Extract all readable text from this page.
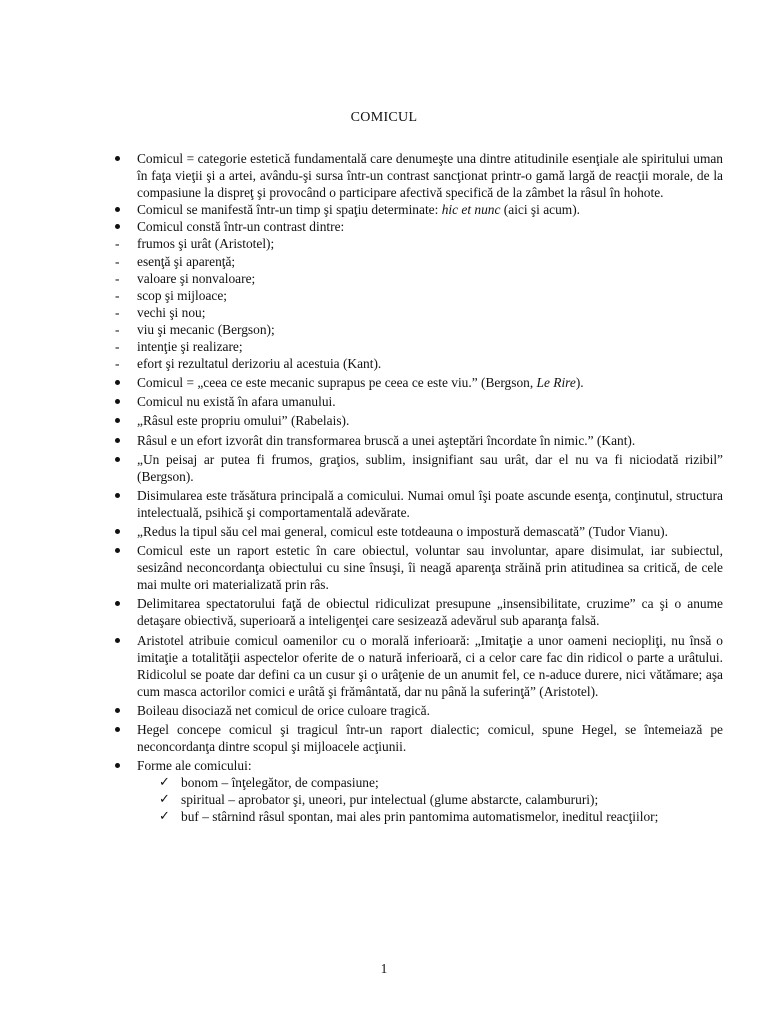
COMICUL
Comicul = categorie estetică fundamentală care denumeşte una dintre atitudinile esenţiale ale spiritului uman în faţa vieţii şi a artei, avându-şi sursa într-un contrast sancţionat printr-o gamă largă de reacţii morale, de la compasiune la dispreţ şi provocând o participare afectivă specifică de la zâmbet la râsul în hohote.
Comicul se manifestă într-un timp şi spaţiu determinate: hic et nunc (aici şi acum).
Comicul constă într-un contrast dintre:
frumos şi urât (Aristotel);
esenţă şi aparenţă;
valoare şi nonvaloare;
scop şi mijloace;
vechi şi nou;
viu şi mecanic (Bergson);
intenţie şi realizare;
efort şi rezultatul derizoriu al acestuia (Kant).
Comicul = „ceea ce este mecanic suprapus pe ceea ce este viu.” (Bergson, Le Rire).
Comicul nu există în afara umanului.
„Râsul este propriu omului” (Rabelais).
Râsul e un efort izvorât din transformarea bruscă a unei aşteptări încordate în nimic.” (Kant).
„Un peisaj ar putea fi frumos, graţios, sublim, insignifiant sau urât, dar el nu va fi niciodată rizibil” (Bergson).
Disimularea este trăsătura principală a comicului. Numai omul îşi poate ascunde esenţa, conţinutul, structura intelectuală, psihică şi comportamentală adevărate.
„Redus la tipul său cel mai general, comicul este totdeauna o impostură demascată” (Tudor Vianu).
Comicul este un raport estetic în care obiectul, voluntar sau involuntar, apare disimulat, iar subiectul, sesizând neconcordanţa obiectului cu sine însuşi, îi neagă aparenţa străină prin atitudinea sa critică, de cele mai multe ori materializată prin râs.
Delimitarea spectatorului faţă de obiectul ridiculizat presupune „insensibilitate, cruzime” ca şi o anume detaşare obiectivă, superioară a inteligenţei care sesizează adevărul sub aparanţa falsă.
Aristotel atribuie comicul oamenilor cu o morală inferioară: „Imitaţie a unor oameni neciopliţi, nu însă o imitaţie a totalităţii aspectelor oferite de o natură inferioară, ci a celor care fac din ridicol o parte a urâtului. Ridicolul se poate dar defini ca un cusur şi o urâţenie de un anumit fel, ce n-aduce durere, nici vătămare; aşa cum masca actorilor comici e urâtă şi frământată, dar nu până la suferinţă” (Aristotel).
Boileau disociază net comicul de orice culoare tragică.
Hegel concepe comicul şi tragicul într-un raport dialectic; comicul, spune Hegel, se întemeiază pe neconcordanţa dintre scopul şi mijloacele acţiunii.
Forme ale comicului:
bonom – înţelegător, de compasiune;
spiritual – aprobator şi, uneori, pur intelectual (glume abstarcte, calambururi);
buf – stârnind râsul spontan, mai ales prin pantomima automatismelor, ineditul reacţiilor;
1
